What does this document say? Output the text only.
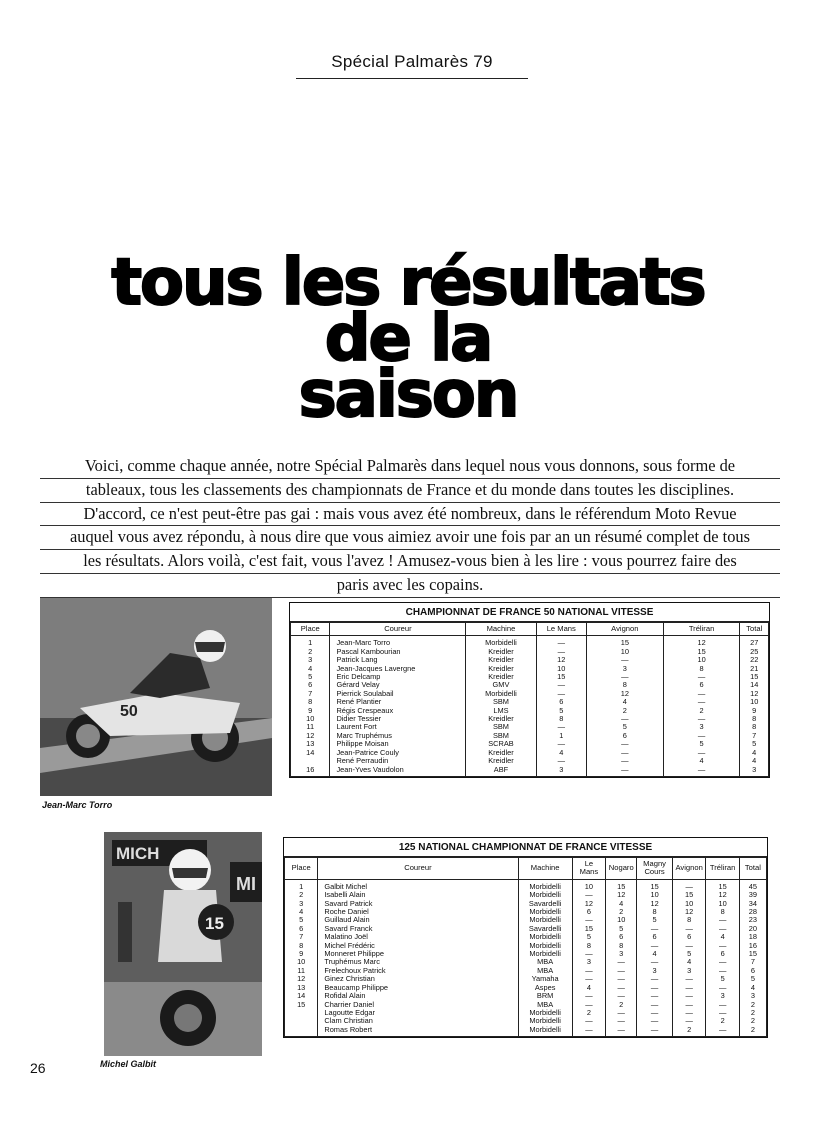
Spécial Palmarès 79
tous les résultats
de la
saison
Voici, comme chaque année, notre Spécial Palmarès dans lequel nous vous donnons, sous forme de
tableaux, tous les classements des championnats de France et du monde dans toutes les disciplines.
D'accord, ce n'est peut-être pas gai : mais vous avez été nombreux, dans le référendum Moto Revue
auquel vous avez répondu, à nous dire que vous aimiez avoir une fois par an un résumé complet de tous
les résultats. Alors voilà, c'est fait, vous l'avez ! Amusez-vous bien à les lire : vous pourrez faire des
paris avec les copains.
50
Jean-Marc Torro
CHAMPIONNAT DE FRANCE 50 NATIONAL VITESSE
Place	Coureur	Machine	Le Mans	Avignon	Tréliran	Total
1	Jean-Marc Torro	Morbidelli	—	15	12	27
2	Pascal Kambourian	Kreidler	—	10	15	25
3	Patrick Lang	Kreidler	12	—	10	22
4	Jean-Jacques Lavergne	Kreidler	10	3	8	21
5	Eric Delcamp	Kreidler	15	—	—	15
6	Gérard Velay	GMV	—	8	6	14
7	Pierrick Soulabail	Morbidelli	—	12	—	12
8	René Plantier	SBM	6	4	—	10
9	Régis Crespeaux	LMS	5	2	2	9
10	Didier Tessier	Kreidler	8	—	—	8
11	Laurent Fort	SBM	—	5	3	8
12	Marc Truphémus	SBM	1	6	—	7
13	Philippe Moisan	SCRAB	—	—	5	5
14	Jean-Patrice Couly	Kreidler	4	—	—	4
	René Perraudin	Kreidler	—	—	4	4
16	Jean-Yves Vaudolon	ABF	3	—	—	3
MICH
MI
15
Michel Galbit
125 NATIONAL CHAMPIONNAT DE FRANCE VITESSE
Place	Coureur	Machine	Le Mans	Nogaro	Magny Cours	Avignon	Tréliran	Total
1	Galbit Michel	Morbidelli	10	15	15	—	15	45
2	Isabelli Alain	Morbidelli	—	12	10	15	12	39
3	Savard Patrick	Savardelli	12	4	12	10	10	34
4	Roche Daniel	Morbidelli	6	2	8	12	8	28
5	Guillaud Alain	Morbidelli	—	10	5	8	—	23
6	Savard Franck	Savardelli	15	5	—	—	—	20
7	Malatino Joël	Morbidelli	5	6	6	6	4	18
8	Michel Frédéric	Morbidelli	8	8	—	—	—	16
9	Monneret Philippe	Morbidelli	—	3	4	5	6	15
10	Truphémus Marc	MBA	3	—	—	4	—	7
11	Frelechoux Patrick	MBA	—	—	3	3	—	6
12	Ginez Christian	Yamaha	—	—	—	—	5	5
13	Beaucamp Philippe	Aspes	4	—	—	—	—	4
14	Rofidal Alain	BRM	—	—	—	—	3	3
15	Charrier Daniel	MBA	—	2	—	—	—	2
	Lagoutte Edgar	Morbidelli	2	—	—	—	—	2
	Clam Christian	Morbidelli	—	—	—	—	2	2
	Romas Robert	Morbidelli	—	—	—	2	—	2
26
